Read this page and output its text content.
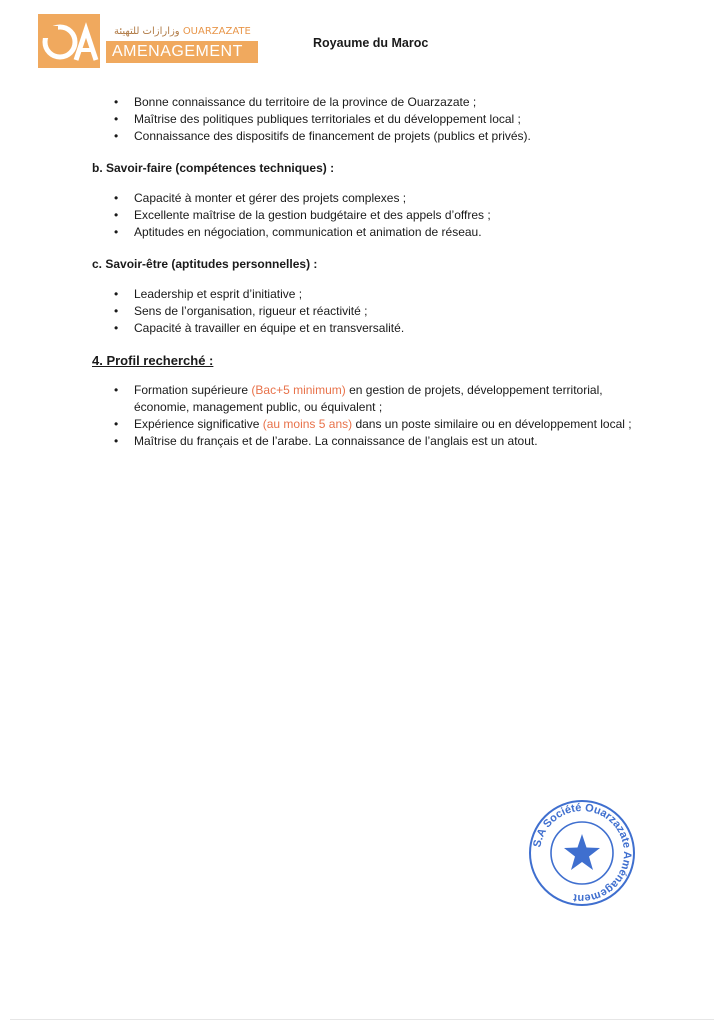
وزارازات للتهيئة OUARZAZATE
AMENAGEMENT	Royaume du Maroc
• Bonne connaissance du territoire de la province de Ouarzazate ;
• Maîtrise des politiques publiques territoriales et du développement local ;
• Connaissance des dispositifs de financement de projets (publics et privés).

b. Savoir-faire (compétences techniques) :

• Capacité à monter et gérer des projets complexes ;
• Excellente maîtrise de la gestion budgétaire et des appels d’offres ;
• Aptitudes en négociation, communication et animation de réseau.

c. Savoir-être (aptitudes personnelles) :

• Leadership et esprit d’initiative ;
• Sens de l’organisation, rigueur et réactivité ;
• Capacité à travailler en équipe et en transversalité.

4. Profil recherché :

• Formation supérieure (Bac+5 minimum) en gestion de projets, développement territorial, économie, management public, ou équivalent ;
• Expérience significative (au moins 5 ans) dans un poste similaire ou en développement local ;
• Maîtrise du français et de l’arabe. La connaissance de l’anglais est un atout.
S.A Société Ouarzazate Aménagement
